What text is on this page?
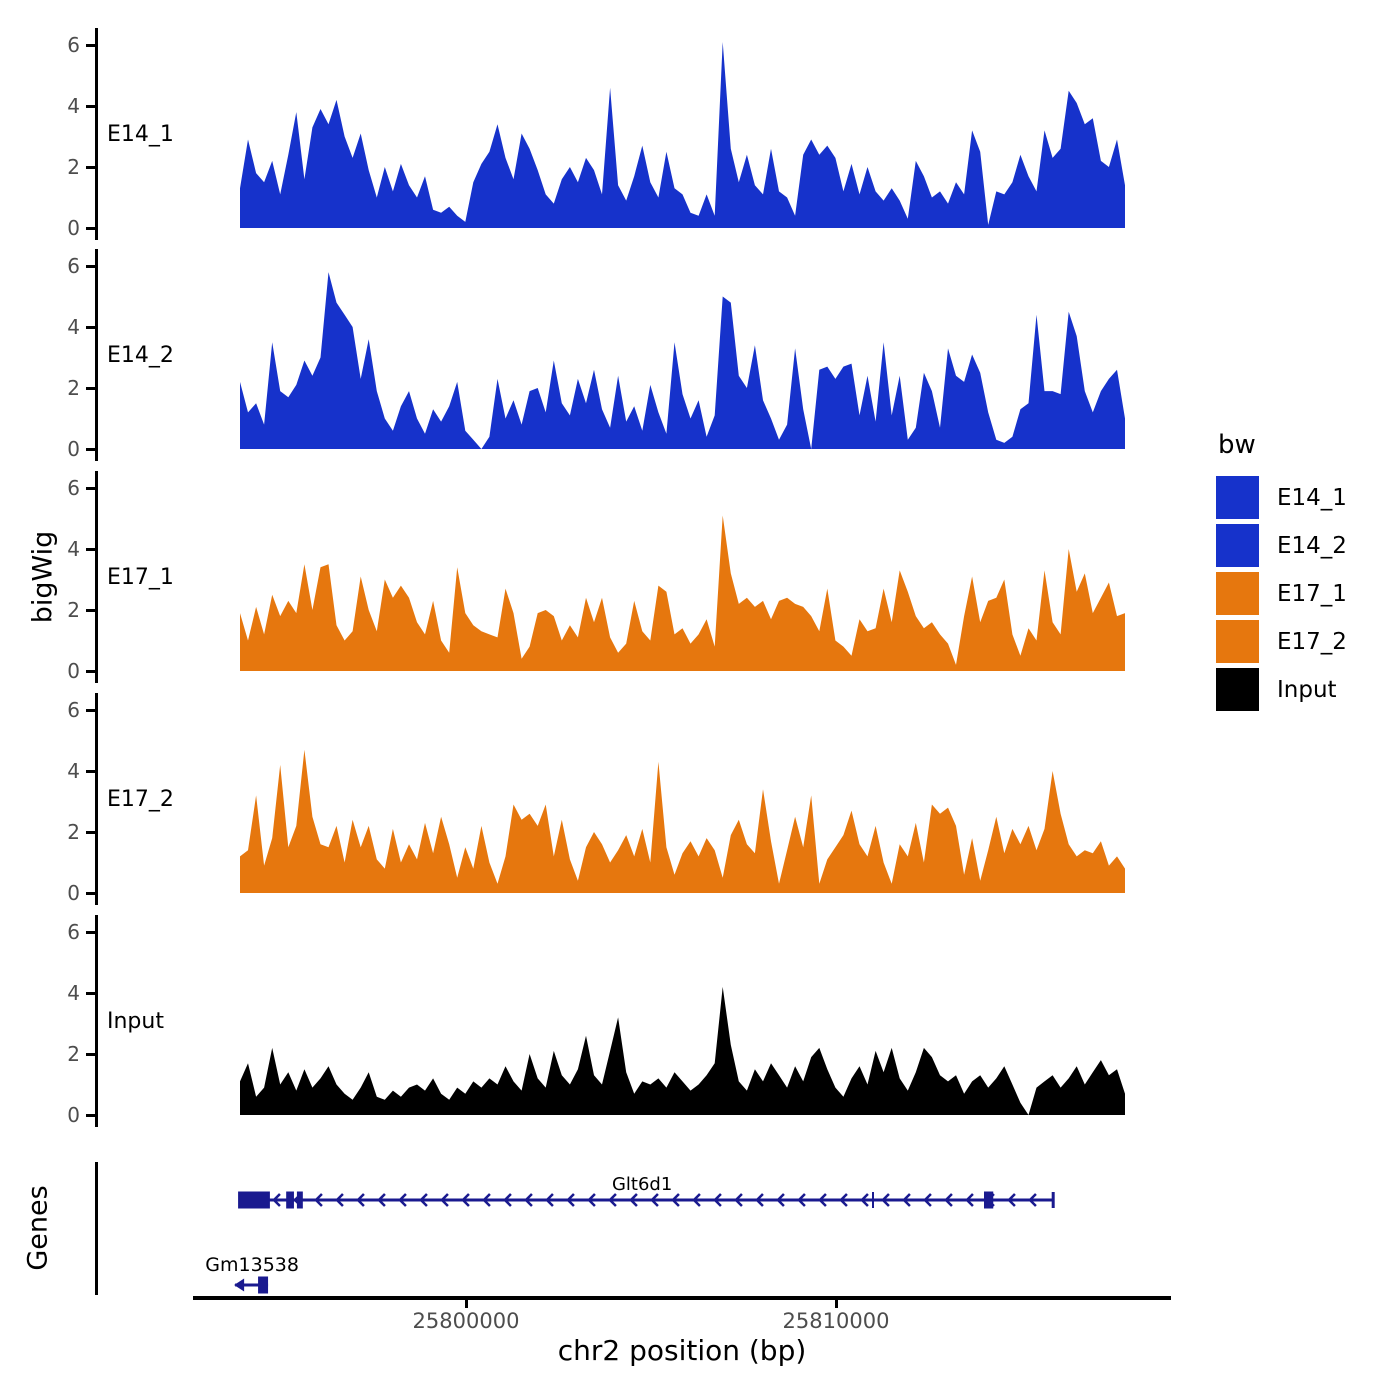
bigWig
Genes
E14_1
6
4
2
0
E14_2
6
4
2
0
E17_1
6
4
2
0
E17_2
6
4
2
0
Input
6
4
2
0
Glt6d1
Gm13538
25800000	25810000
chr2 position (bp)
bw
E14_1
E14_2
E17_1
E17_2
Input
